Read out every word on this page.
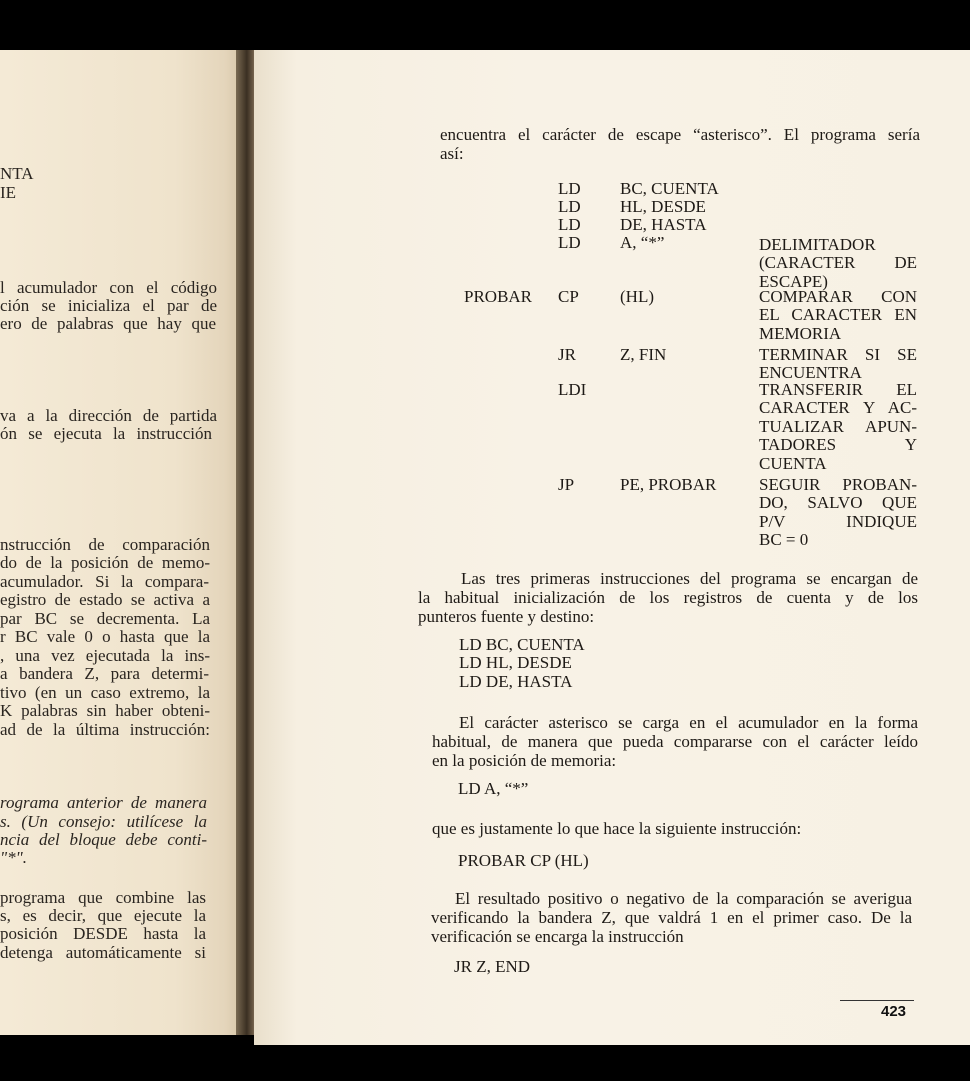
NTA
IE
l acumulador con el código
ción se inicializa el par de
ero de palabras que hay que
va a la dirección de partida
ón se ejecuta la instrucción
nstrucción de comparación
do de la posición de memo-
acumulador. Si la compara-
egistro de estado se activa a
par BC se decrementa. La
r BC vale 0 o hasta que la
, una vez ejecutada la ins-
a bandera Z, para determi-
tivo (en un caso extremo, la
K palabras sin haber obteni-
ad de la última instrucción:
rograma anterior de manera
s. (Un consejo: utilícese la
ncia del bloque debe conti-
"*".
programa que combine las
s, es decir, que ejecute la
posición DESDE hasta la
detenga automáticamente si
encuentra el carácter de escape “asterisco”. El programa sería
así:
LD BC, CUENTA
LD HL, DESDE
LD DE, HASTA
LD A, “*”	DELIMITADOR
(CARACTER DE
ESCAPE)
PROBAR CP (HL)	COMPARAR CON
EL CARACTER EN
MEMORIA
JR	Z, FIN	TERMINAR SI SE
ENCUENTRA
LDI	TRANSFERIR EL
CARACTER Y AC-
TUALIZAR APUN-
TADORES Y
CUENTA
JP	PE, PROBAR	SEGUIR PROBAN-
DO, SALVO QUE
P/V INDIQUE
BC = 0
Las tres primeras instrucciones del programa se encargan de
la habitual inicialización de los registros de cuenta y de los
punteros fuente y destino:
LD BC, CUENTA
LD HL, DESDE
LD DE, HASTA
El carácter asterisco se carga en el acumulador en la forma
habitual, de manera que pueda compararse con el carácter leído
en la posición de memoria:
LD A, “*”
que es justamente lo que hace la siguiente instrucción:
PROBAR CP (HL)
El resultado positivo o negativo de la comparación se averigua
verificando la bandera Z, que valdrá 1 en el primer caso. De la
verificación se encarga la instrucción
JR Z, END
423
